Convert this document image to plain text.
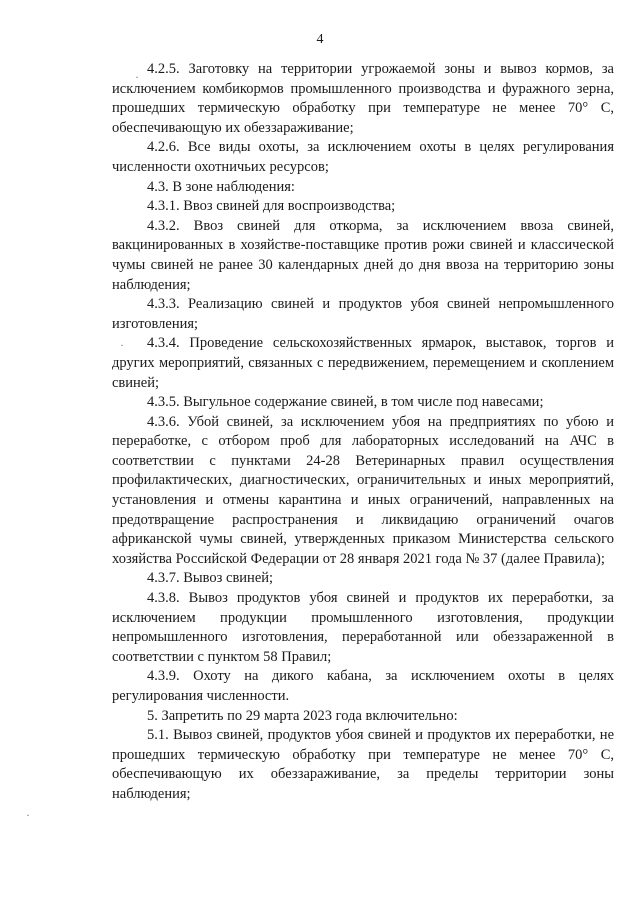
4

4.2.5. Заготовку на территории угрожаемой зоны и вывоз кормов, за исключением комбикормов промышленного производства и фуражного зерна, прошедших термическую обработку при температуре не менее 70° С, обеспечивающую их обеззараживание;

4.2.6. Все виды охоты, за исключением охоты в целях регулирования численности охотничьих ресурсов;

4.3. В зоне наблюдения:

4.3.1. Ввоз свиней для воспроизводства;

4.3.2. Ввоз свиней для откорма, за исключением ввоза свиней, вакцинированных в хозяйстве-поставщике против рожи свиней и классической чумы свиней не ранее 30 календарных дней до дня ввоза на территорию зоны наблюдения;

4.3.3. Реализацию свиней и продуктов убоя свиней непромышленного изготовления;

4.3.4. Проведение сельскохозяйственных ярмарок, выставок, торгов и других мероприятий, связанных с передвижением, перемещением и скоплением свиней;

4.3.5. Выгульное содержание свиней, в том числе под навесами;

4.3.6. Убой свиней, за исключением убоя на предприятиях по убою и переработке, с отбором проб для лабораторных исследований на АЧС в соответствии с пунктами 24-28 Ветеринарных правил осуществления профилактических, диагностических, ограничительных и иных мероприятий, установления и отмены карантина и иных ограничений, направленных на предотвращение распространения и ликвидацию ограничений очагов африканской чумы свиней, утвержденных приказом Министерства сельского хозяйства Российской Федерации от 28 января 2021 года № 37 (далее Правила);

4.3.7. Вывоз свиней;

4.3.8. Вывоз продуктов убоя свиней и продуктов их переработки, за исключением продукции промышленного изготовления, продукции непромышленного изготовления, переработанной или обеззараженной в соответствии с пунктом 58 Правил;

4.3.9. Охоту на дикого кабана, за исключением охоты в целях регулирования численности.

5. Запретить по 29 марта 2023 года включительно:

5.1. Вывоз свиней, продуктов убоя свиней и продуктов их переработки, не прошедших термическую обработку при температуре не менее 70° С, обеспечивающую их обеззараживание, за пределы территории зоны наблюдения;

·
·
·
